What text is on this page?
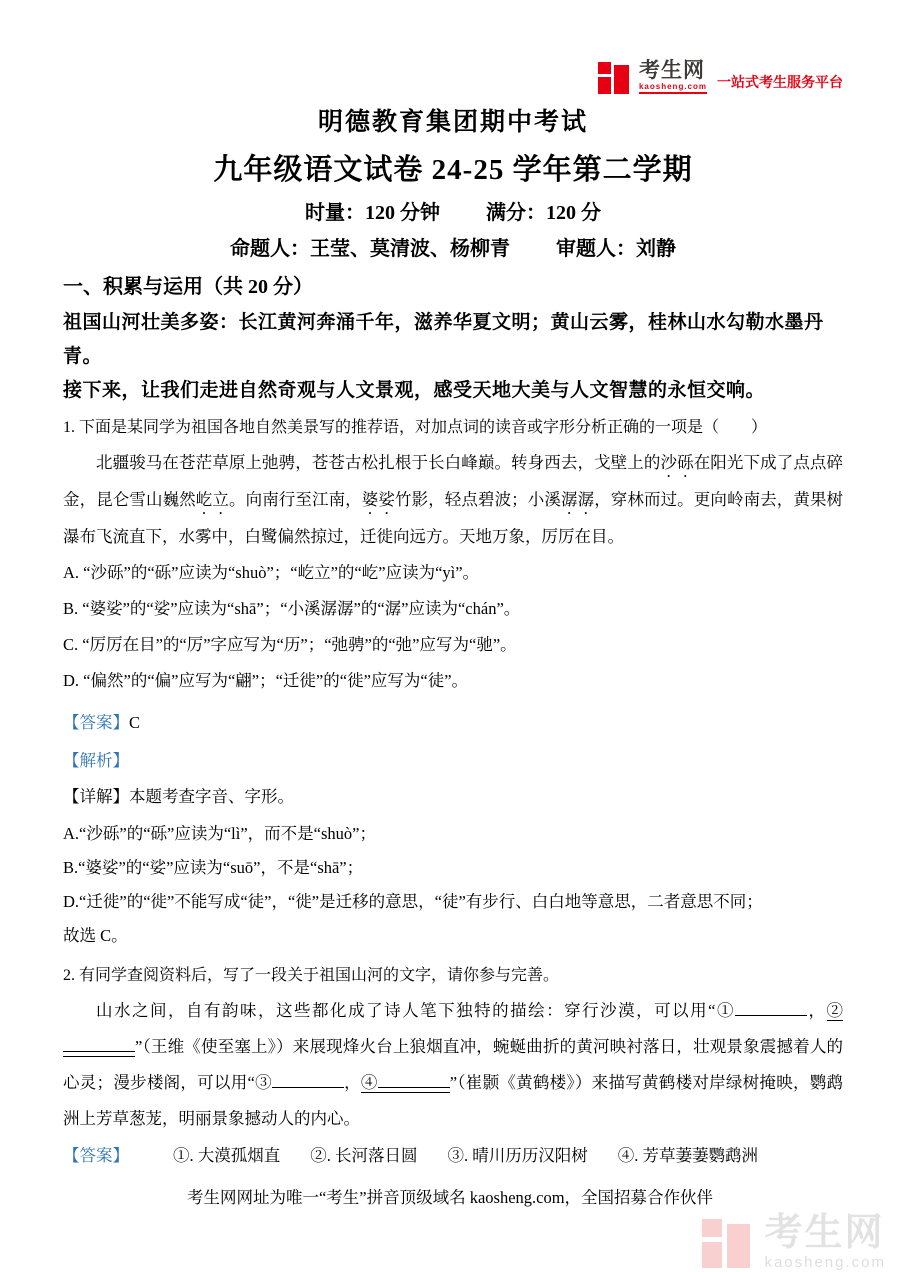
考生网
kaosheng.com 一站式考生服务平台
明德教育集团期中考试
九年级语文试卷 24-25 学年第二学期
时量：120 分钟 满分：120 分
命题人：王莹、莫清波、杨柳青 审题人：刘静
一、积累与运用（共 20 分）
祖国山河壮美多姿：长江黄河奔涌千年，滋养华夏文明；黄山云雾，桂林山水勾勒水墨丹青。
接下来，让我们走进自然奇观与人文景观，感受天地大美与人文智慧的永恒交响。
1. 下面是某同学为祖国各地自然美景写的推荐语，对加点词的读音或字形分析正确的一项是（　　）
北疆骏马在苍茫草原上弛骋，苍苍古松扎根于长白峰巅。转身西去，戈壁上的沙砾在阳光下成了点点碎金，昆仑雪山巍然屹立。向南行至江南，婆娑竹影，轻点碧波；小溪潺潺，穿林而过。更向岭南去，黄果树瀑布飞流直下，水雾中，白鹭偏然掠过，迁徙向远方。天地万象，厉厉在目。
A. “沙砾”的“砾”应读为“shuò”；“屹立”的“屹”应读为“yì”。
B. “婆娑”的“娑”应读为“shā”；“小溪潺潺”的“潺”应读为“chán”。
C. “厉厉在目”的“厉”字应写为“历”；“弛骋”的“弛”应写为“驰”。
D. “偏然”的“偏”应写为“翩”；“迁徙”的“徙”应写为“徒”。
【答案】C
【解析】
【详解】本题考查字音、字形。
A.“沙砾”的“砾”应读为“lì”，而不是“shuò”；
B.“婆娑”的“娑”应读为“suō”，不是“shā”；
D.“迁徙”的“徙”不能写成“徒”，“徙”是迁移的意思，“徒”有步行、白白地等意思，二者意思不同；
故选 C。
2. 有同学查阅资料后，写了一段关于祖国山河的文字，请你参与完善。
山水之间，自有韵味，这些都化成了诗人笔下独特的描绘：穿行沙漠，可以用“①	，②”（王维《使至塞上》）来展现烽火台上狼烟直冲，蜿蜒曲折的黄河映衬落日，壮观景象震撼着人的心灵；漫步楼阁，可以用“③	，④	”（崔颢《黄鹤楼》）来描写黄鹤楼对岸绿树掩映，鹦鹉洲上芳草葱茏，明丽景象撼动人的内心。
【答案】	①. 大漠孤烟直 ②. 长河落日圆 ③. 晴川历历汉阳树 ④. 芳草萋萋鹦鹉洲
考生网网址为唯一“考生”拼音顶级域名 kaosheng.com，全国招募合作伙伴
考生网
kaosheng.com
